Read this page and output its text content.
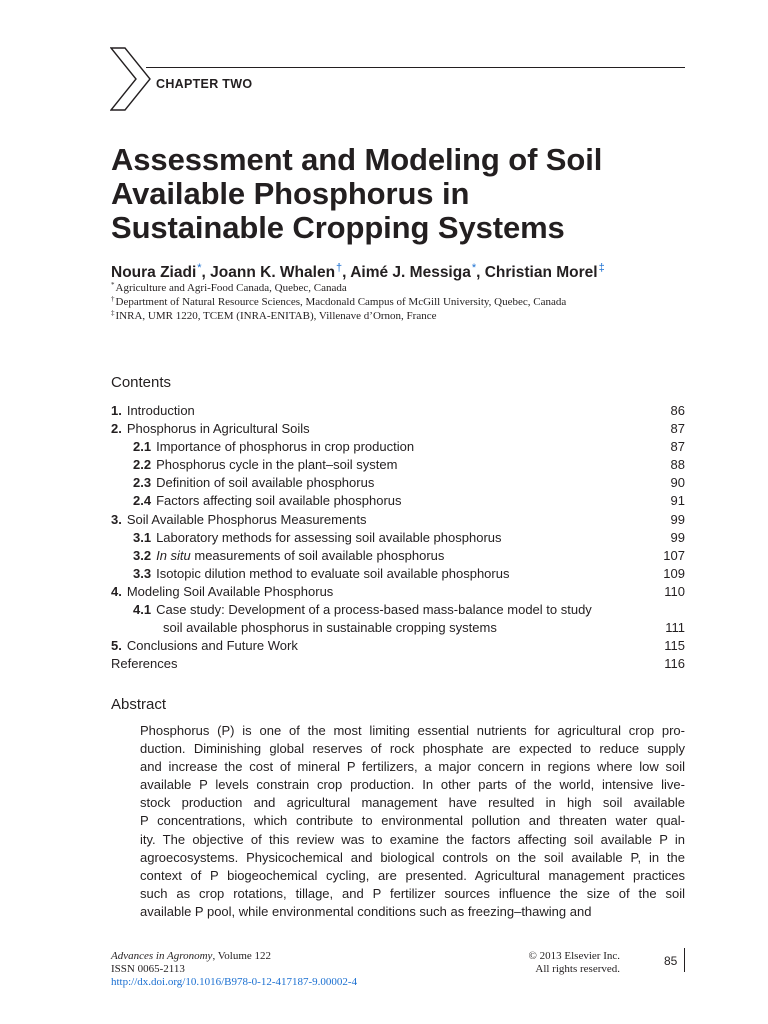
CHAPTER TWO
Assessment and Modeling of Soil
Available Phosphorus in
Sustainable Cropping Systems
Noura Ziadi*, Joann K. Whalen†, Aimé J. Messiga*, Christian Morel‡
*Agriculture and Agri-Food Canada, Quebec, Canada
†Department of Natural Resource Sciences, Macdonald Campus of McGill University, Quebec, Canada
‡INRA, UMR 1220, TCEM (INRA-ENITAB), Villenave d’Ornon, France
Contents
1. Introduction	86
2. Phosphorus in Agricultural Soils	87
2.1 Importance of phosphorus in crop production	87
2.2 Phosphorus cycle in the plant–soil system	88
2.3 Definition of soil available phosphorus	90
2.4 Factors affecting soil available phosphorus	91
3. Soil Available Phosphorus Measurements	99
3.1 Laboratory methods for assessing soil available phosphorus	99
3.2 In situ measurements of soil available phosphorus	107
3.3 Isotopic dilution method to evaluate soil available phosphorus	109
4. Modeling Soil Available Phosphorus	110
4.1 Case study: Development of a process-based mass-balance model to study
soil available phosphorus in sustainable cropping systems	111
5. Conclusions and Future Work	115
References	116
Abstract
Phosphorus (P) is one of the most limiting essential nutrients for agricultural crop pro-
duction. Diminishing global reserves of rock phosphate are expected to reduce supply
and increase the cost of mineral P fertilizers, a major concern in regions where low soil
available P levels constrain crop production. In other parts of the world, intensive live-
stock production and agricultural management have resulted in high soil available
P concentrations, which contribute to environmental pollution and threaten water qual-
ity. The objective of this review was to examine the factors affecting soil available P in
agroecosystems. Physicochemical and biological controls on the soil available P, in the
context of P biogeochemical cycling, are presented. Agricultural management practices
such as crop rotations, tillage, and P fertilizer sources influence the size of the soil
available P pool, while environmental conditions such as freezing–thawing and
Advances in Agronomy, Volume 122
ISSN 0065-2113
http://dx.doi.org/10.1016/B978-0-12-417187-9.00002-4
© 2013 Elsevier Inc.
All rights reserved.
85
